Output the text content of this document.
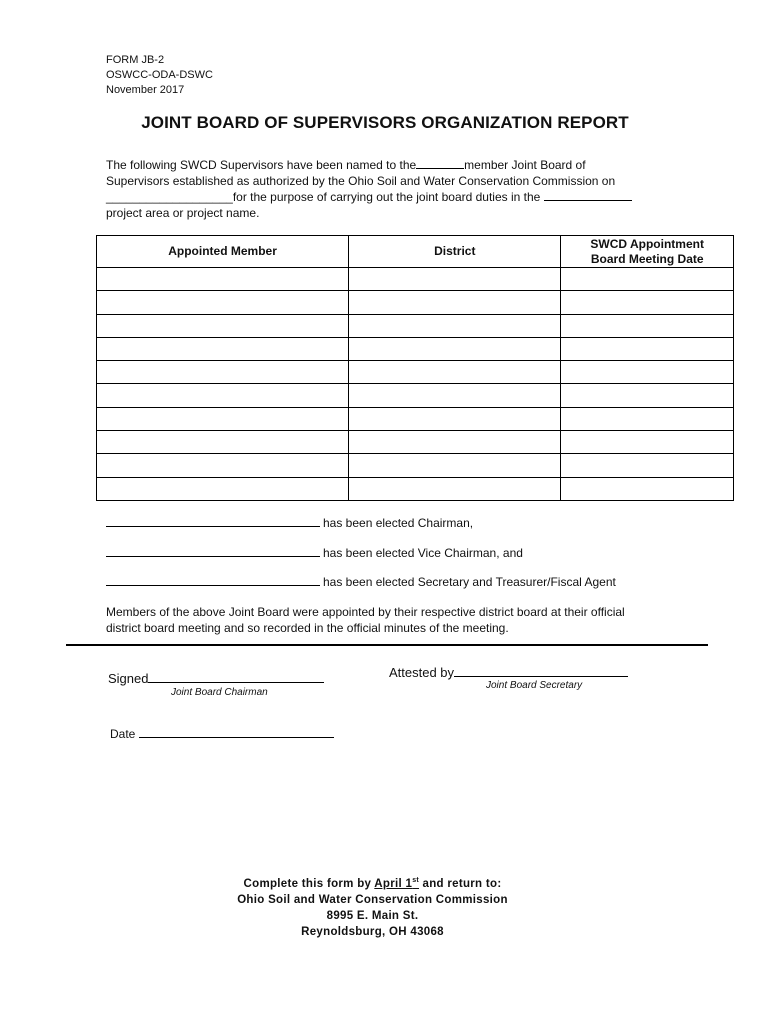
FORM JB-2
OSWCC-ODA-DSWC
November 2017
JOINT BOARD OF SUPERVISORS ORGANIZATION REPORT
The following SWCD Supervisors have been named to the	member Joint Board of
Supervisors established as authorized by the Ohio Soil and Water Conservation Commission on
___________________for the purpose of carrying out the joint board duties in the
project area or project name.
Appointed Member	District	SWCD Appointment
Board Meeting Date

has been elected Chairman,
has been elected Vice Chairman, and
has been elected Secretary and Treasurer/Fiscal Agent
Members of the above Joint Board were appointed by their respective district board at their official
district board meeting and so recorded in the official minutes of the meeting.
Signed
Joint Board Chairman
Attested by
Joint Board Secretary
Date
Complete this form by April 1st and return to:
Ohio Soil and Water Conservation Commission
8995 E. Main St.
Reynoldsburg, OH 43068
